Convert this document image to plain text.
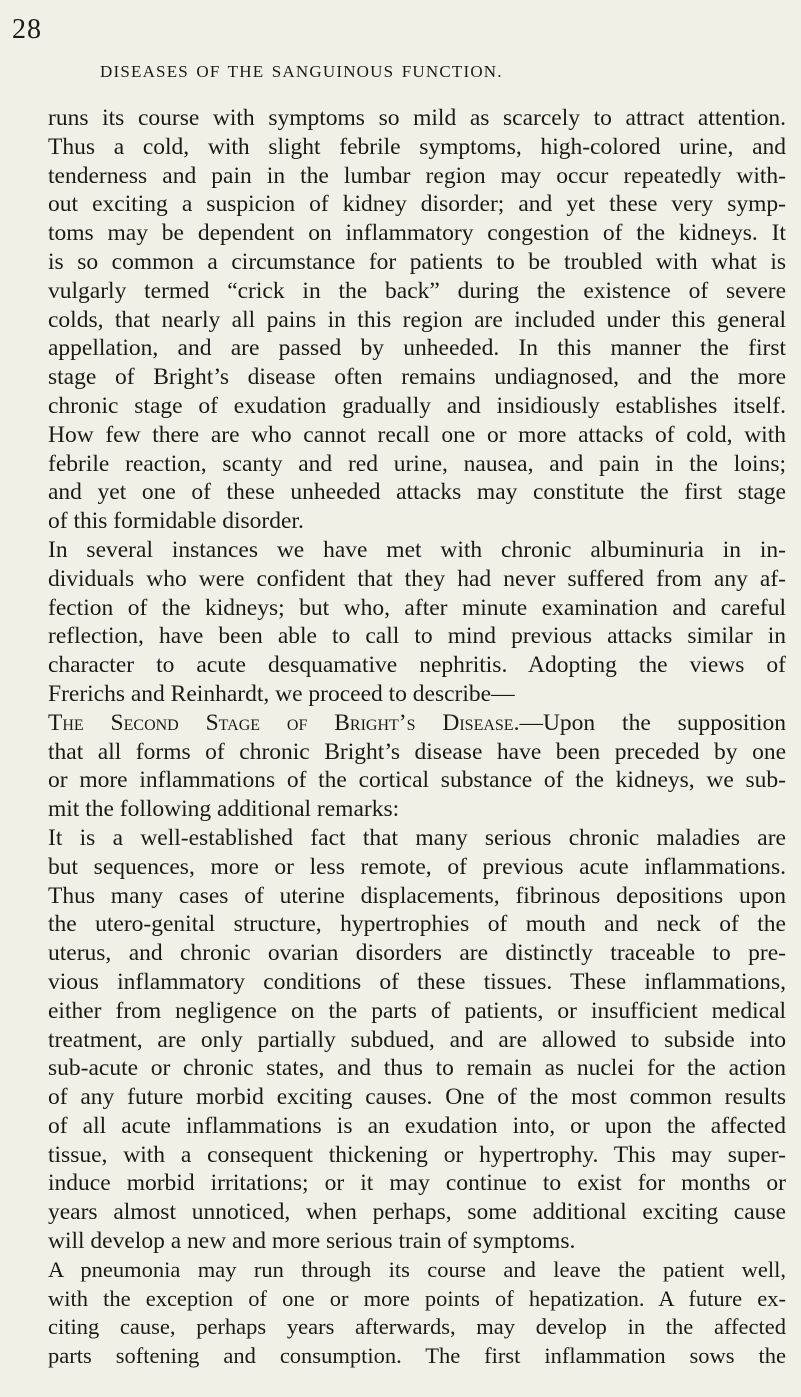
28
DISEASES OF THE SANGUINOUS FUNCTION.
runs its course with symptoms so mild as scarcely to attract attention.
Thus a cold, with slight febrile symptoms, high-colored urine, and
tenderness and pain in the lumbar region may occur repeatedly with-
out exciting a suspicion of kidney disorder; and yet these very symp-
toms may be dependent on inflammatory congestion of the kidneys. It
is so common a circumstance for patients to be troubled with what is
vulgarly termed “crick in the back” during the existence of severe
colds, that nearly all pains in this region are included under this general
appellation, and are passed by unheeded. In this manner the first
stage of Bright’s disease often remains undiagnosed, and the more
chronic stage of exudation gradually and insidiously establishes itself.
How few there are who cannot recall one or more attacks of cold, with
febrile reaction, scanty and red urine, nausea, and pain in the loins;
and yet one of these unheeded attacks may constitute the first stage
of this formidable disorder.
In several instances we have met with chronic albuminuria in in-
dividuals who were confident that they had never suffered from any af-
fection of the kidneys; but who, after minute examination and careful
reflection, have been able to call to mind previous attacks similar in
character to acute desquamative nephritis. Adopting the views of
Frerichs and Reinhardt, we proceed to describe—
The Second Stage of Bright’s Disease.—Upon the supposition
that all forms of chronic Bright’s disease have been preceded by one
or more inflammations of the cortical substance of the kidneys, we sub-
mit the following additional remarks:
It is a well-established fact that many serious chronic maladies are
but sequences, more or less remote, of previous acute inflammations.
Thus many cases of uterine displacements, fibrinous depositions upon
the utero-genital structure, hypertrophies of mouth and neck of the
uterus, and chronic ovarian disorders are distinctly traceable to pre-
vious inflammatory conditions of these tissues. These inflammations,
either from negligence on the parts of patients, or insufficient medical
treatment, are only partially subdued, and are allowed to subside into
sub-acute or chronic states, and thus to remain as nuclei for the action
of any future morbid exciting causes. One of the most common results
of all acute inflammations is an exudation into, or upon the affected
tissue, with a consequent thickening or hypertrophy. This may super-
induce morbid irritations; or it may continue to exist for months or
years almost unnoticed, when perhaps, some additional exciting cause
will develop a new and more serious train of symptoms.
A pneumonia may run through its course and leave the patient well,
with the exception of one or more points of hepatization. A future ex-
citing cause, perhaps years afterwards, may develop in the affected
parts softening and consumption. The first inflammation sows the
